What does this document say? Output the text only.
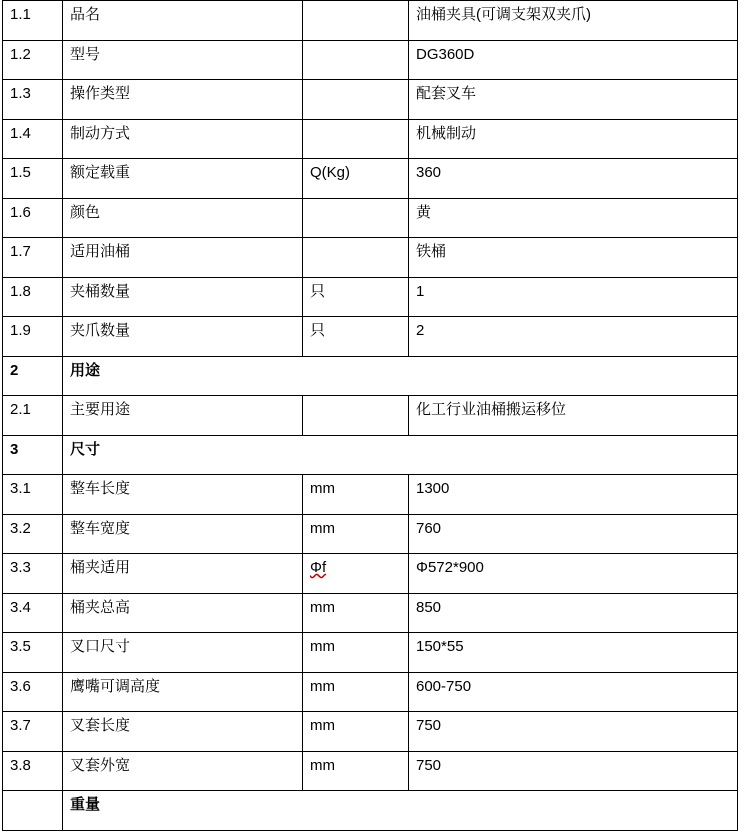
1.1	品名		油桶夹具(可调支架双夹爪)
1.2	型号		DG360D
1.3	操作类型		配套叉车
1.4	制动方式		机械制动
1.5	额定载重	Q(Kg)	360
1.6	颜色		黄
1.7	适用油桶		铁桶
1.8	夹桶数量	只	1
1.9	夹爪数量	只	2
2	用途		
2.1	主要用途		化工行业油桶搬运移位
3	尺寸		
3.1	整车长度	mm	1300
3.2	整车宽度	mm	760
3.3	桶夹适用	Φf	Φ572*900
3.4	桶夹总高	mm	850
3.5	叉口尺寸	mm	150*55
3.6	鹰嘴可调高度	mm	600-750
3.7	叉套长度	mm	750
3.8	叉套外宽	mm	750
	重量		
